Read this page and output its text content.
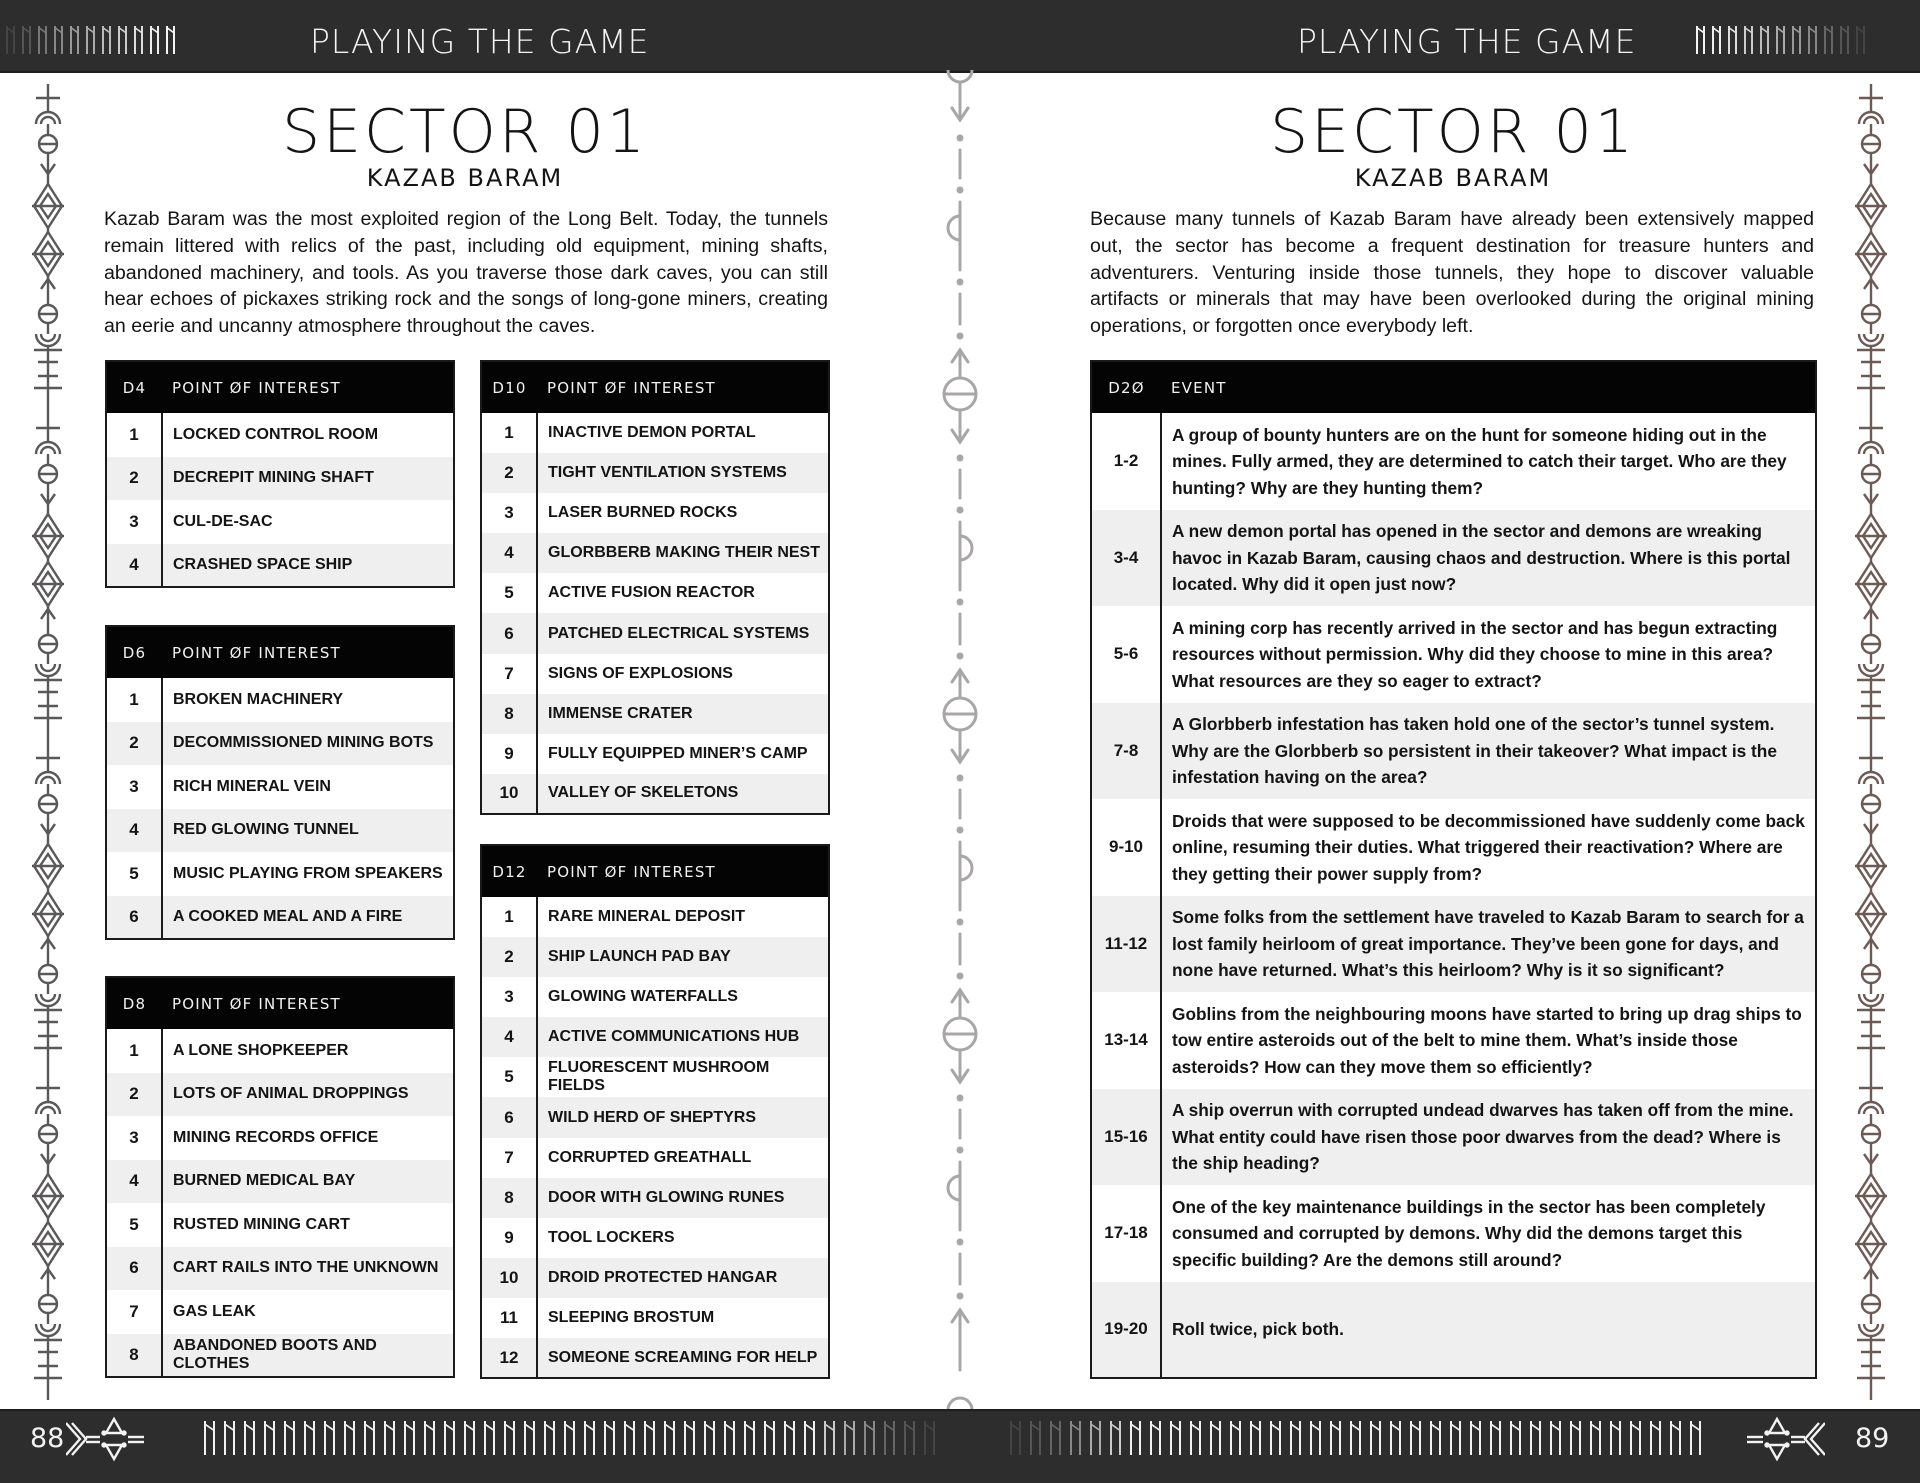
PLAYING THE GAME	PLAYING THE GAME
SECTOR 01
KAZAB BARAM

Kazab Baram was the most exploited region of the Long Belt. Today, the tunnels remain littered with relics of the past, including old equipment, mining shafts, abandoned machinery, and tools. As you traverse those dark caves, you can still hear echoes of pickaxes striking rock and the songs of long-gone miners, creating an eerie and uncanny atmosphere throughout the caves.

D4	POINT ØF INTEREST
1	LOCKED CONTROL ROOM
2	DECREPIT MINING SHAFT
3	CUL-DE-SAC
4	CRASHED SPACE SHIP
D6	POINT ØF INTEREST
1	BROKEN MACHINERY
2	DECOMMISSIONED MINING BOTS
3	RICH MINERAL VEIN
4	RED GLOWING TUNNEL
5	MUSIC PLAYING FROM SPEAKERS
6	A COOKED MEAL AND A FIRE
D8	POINT ØF INTEREST
1	A LONE SHOPKEEPER
2	LOTS OF ANIMAL DROPPINGS
3	MINING RECORDS OFFICE
4	BURNED MEDICAL BAY
5	RUSTED MINING CART
6	CART RAILS INTO THE UNKNOWN
7	GAS LEAK
8	ABANDONED BOOTS AND CLOTHES
D10	POINT ØF INTEREST
1	INACTIVE DEMON PORTAL
2	TIGHT VENTILATION SYSTEMS
3	LASER BURNED ROCKS
4	GLORBBERB MAKING THEIR NEST
5	ACTIVE FUSION REACTOR
6	PATCHED ELECTRICAL SYSTEMS
7	SIGNS OF EXPLOSIONS
8	IMMENSE CRATER
9	FULLY EQUIPPED MINER’S CAMP
10	VALLEY OF SKELETONS
D12	POINT ØF INTEREST
1	RARE MINERAL DEPOSIT
2	SHIP LAUNCH PAD BAY
3	GLOWING WATERFALLS
4	ACTIVE COMMUNICATIONS HUB
5	FLUORESCENT MUSHROOM FIELDS
6	WILD HERD OF SHEPTYRS
7	CORRUPTED GREATHALL
8	DOOR WITH GLOWING RUNES
9	TOOL LOCKERS
10	DROID PROTECTED HANGAR
11	SLEEPING BROSTUM
12	SOMEONE SCREAMING FOR HELP
SECTOR 01
KAZAB BARAM

Because many tunnels of Kazab Baram have already been extensively mapped out, the sector has become a frequent destination for treasure hunters and adventurers. Venturing inside those tunnels, they hope to discover valuable artifacts or minerals that may have been overlooked during the original mining operations, or forgotten once everybody left.

D2Ø	EVENT
1-2	A group of bounty hunters are on the hunt for someone hiding out in the mines. Fully armed, they are determined to catch their target. Who are they hunting? Why are they hunting them?
3-4	A new demon portal has opened in the sector and demons are wreaking havoc in Kazab Baram, causing chaos and destruction. Where is this portal located. Why did it open just now?
5-6	A mining corp has recently arrived in the sector and has begun extracting resources without permission. Why did they choose to mine in this area? What resources are they so eager to extract?
7-8	A Glorbberb infestation has taken hold one of the sector’s tunnel system. Why are the Glorbberb so persistent in their takeover? What impact is the infestation having on the area?
9-10	Droids that were supposed to be decommissioned have suddenly come back online, resuming their duties. What triggered their reactivation? Where are they getting their power supply from?
11-12	Some folks from the settlement have traveled to Kazab Baram to search for a lost family heirloom of great importance. They’ve been gone for days, and none have returned. What’s this heirloom? Why is it so significant?
13-14	Goblins from the neighbouring moons have started to bring up drag ships to tow entire asteroids out of the belt to mine them. What’s inside those asteroids? How can they move them so efficiently?
15-16	A ship overrun with corrupted undead dwarves has taken off from the mine. What entity could have risen those poor dwarves from the dead? Where is the ship heading?
17-18	One of the key maintenance buildings in the sector has been completely consumed and corrupted by demons. Why did the demons target this specific building? Are the demons still around?
19-20	Roll twice, pick both.
88	89
